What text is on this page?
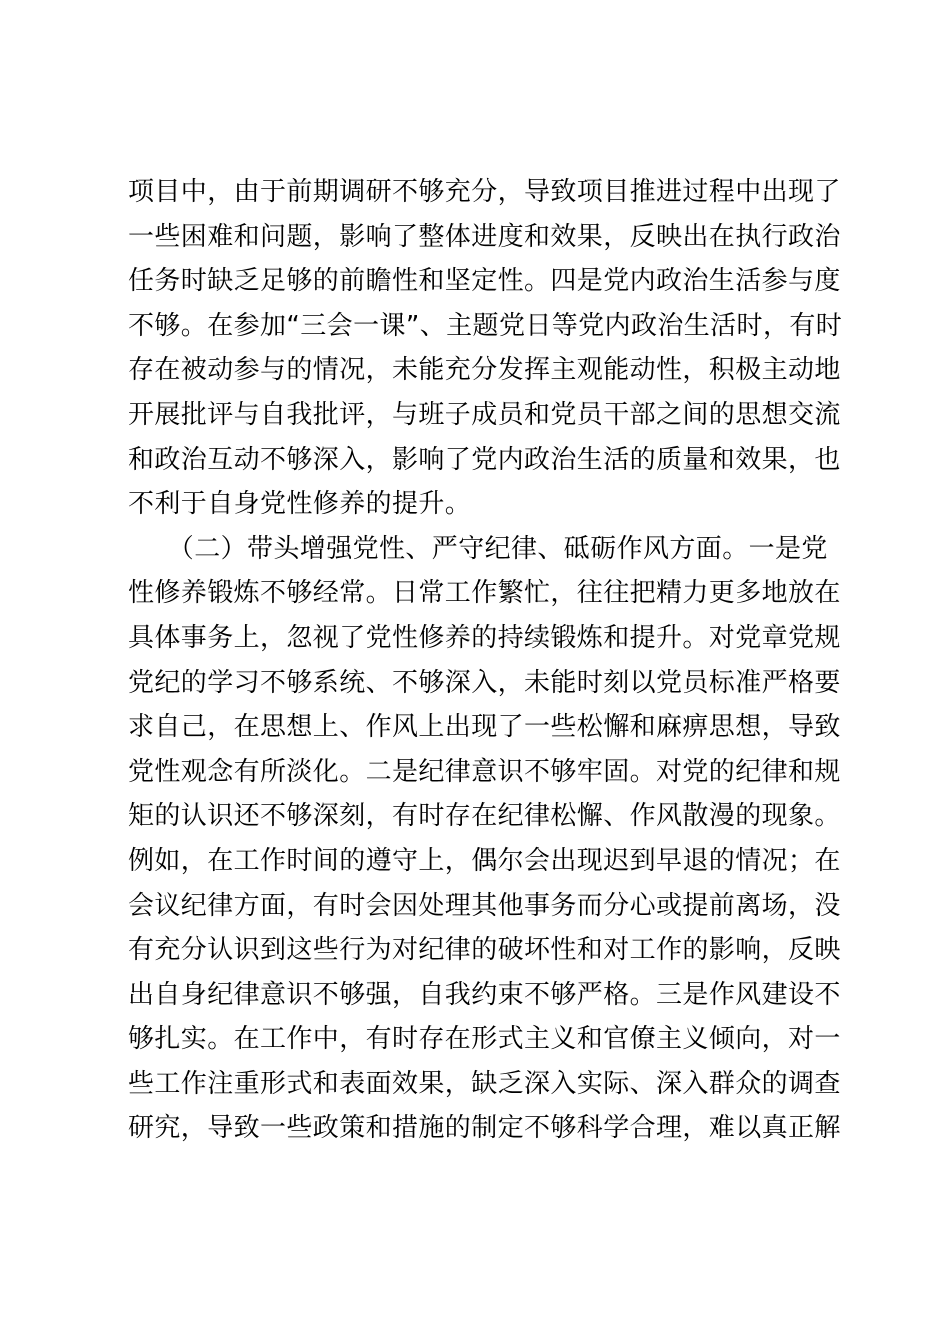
项目中，由于前期调研不够充分，导致项目推进过程中出现了
一些困难和问题，影响了整体进度和效果，反映出在执行政治
任务时缺乏足够的前瞻性和坚定性。四是党内政治生活参与度
不够。在参加“三会一课”、主题党日等党内政治生活时，有时
存在被动参与的情况，未能充分发挥主观能动性，积极主动地
开展批评与自我批评，与班子成员和党员干部之间的思想交流
和政治互动不够深入，影响了党内政治生活的质量和效果，也
不利于自身党性修养的提升。
　　（二）带头增强党性、严守纪律、砥砺作风方面。一是党
性修养锻炼不够经常。日常工作繁忙，往往把精力更多地放在
具体事务上，忽视了党性修养的持续锻炼和提升。对党章党规
党纪的学习不够系统、不够深入，未能时刻以党员标准严格要
求自己，在思想上、作风上出现了一些松懈和麻痹思想，导致
党性观念有所淡化。二是纪律意识不够牢固。对党的纪律和规
矩的认识还不够深刻，有时存在纪律松懈、作风散漫的现象。
例如，在工作时间的遵守上，偶尔会出现迟到早退的情况；在
会议纪律方面，有时会因处理其他事务而分心或提前离场，没
有充分认识到这些行为对纪律的破坏性和对工作的影响，反映
出自身纪律意识不够强，自我约束不够严格。三是作风建设不
够扎实。在工作中，有时存在形式主义和官僚主义倾向，对一
些工作注重形式和表面效果，缺乏深入实际、深入群众的调查
研究，导致一些政策和措施的制定不够科学合理，难以真正解
